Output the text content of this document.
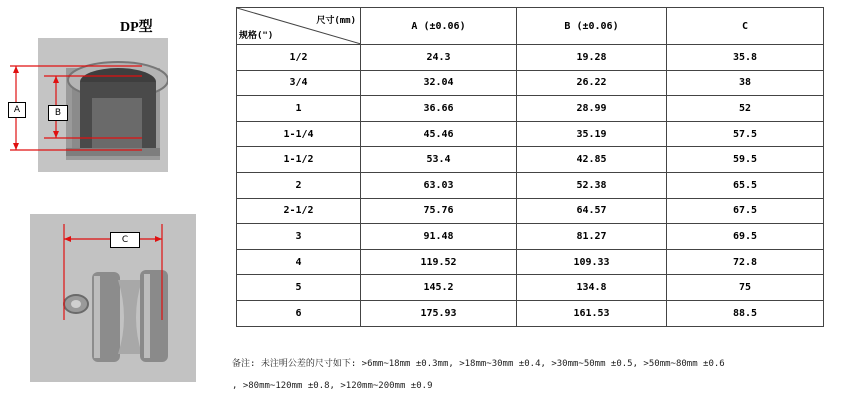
DP型
A	B
C
尺寸(mm)
规格(")	A (±0.06)	B (±0.06)	C
1/2	24.3	19.28	35.8
3/4	32.04	26.22	38
1	36.66	28.99	52
1-1/4	45.46	35.19	57.5
1-1/2	53.4	42.85	59.5
2	63.03	52.38	65.5
2-1/2	75.76	64.57	67.5
3	91.48	81.27	69.5
4	119.52	109.33	72.8
5	145.2	134.8	75
6	175.93	161.53	88.5
备注: 未注明公差的尺寸如下: >6mm~18mm ±0.3mm, >18mm~30mm ±0.4, >30mm~50mm ±0.5, >50mm~80mm ±0.6
, >80mm~120mm ±0.8, >120mm~200mm ±0.9
